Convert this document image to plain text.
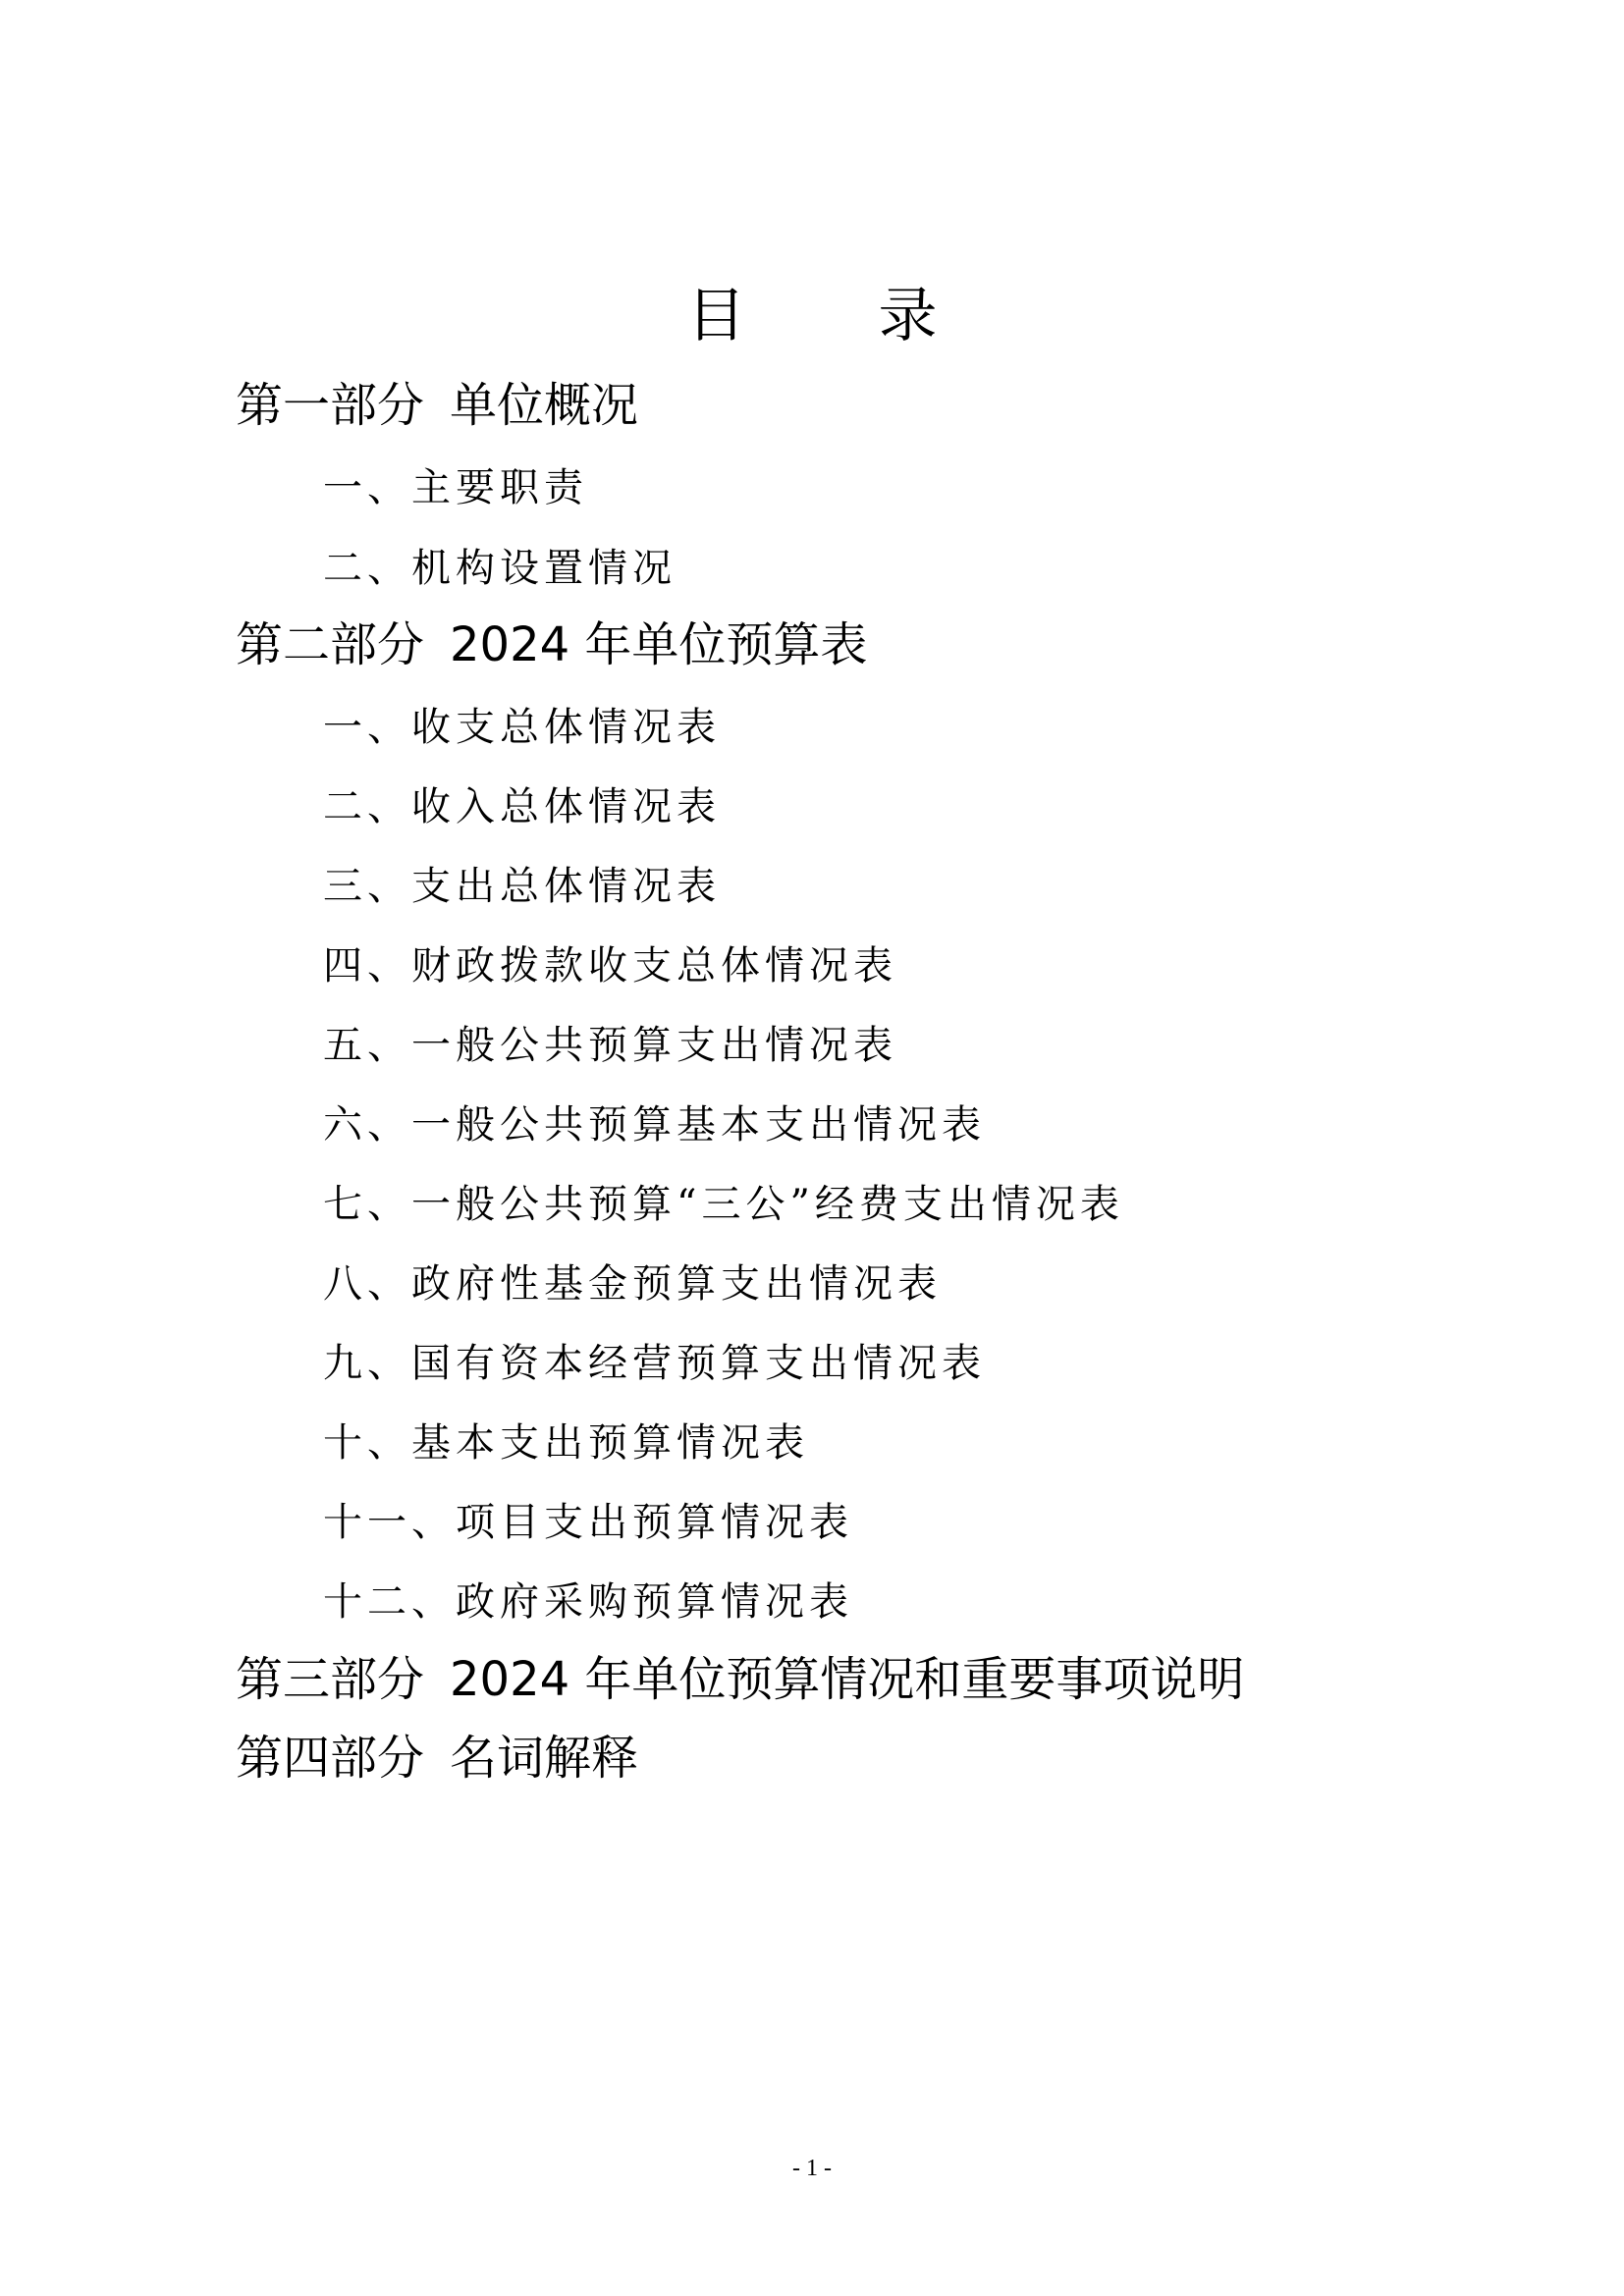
目 录
第一部分 单位概况
一、主要职责
二、机构设置情况
第二部分 2024 年单位预算表
一、收支总体情况表
二、收入总体情况表
三、支出总体情况表
四、财政拨款收支总体情况表
五、一般公共预算支出情况表
六、一般公共预算基本支出情况表
七、一般公共预算“三公”经费支出情况表
八、政府性基金预算支出情况表
九、国有资本经营预算支出情况表
十、基本支出预算情况表
十一、项目支出预算情况表
十二、政府采购预算情况表
第三部分 2024 年单位预算情况和重要事项说明
第四部分 名词解释
- 1 -
